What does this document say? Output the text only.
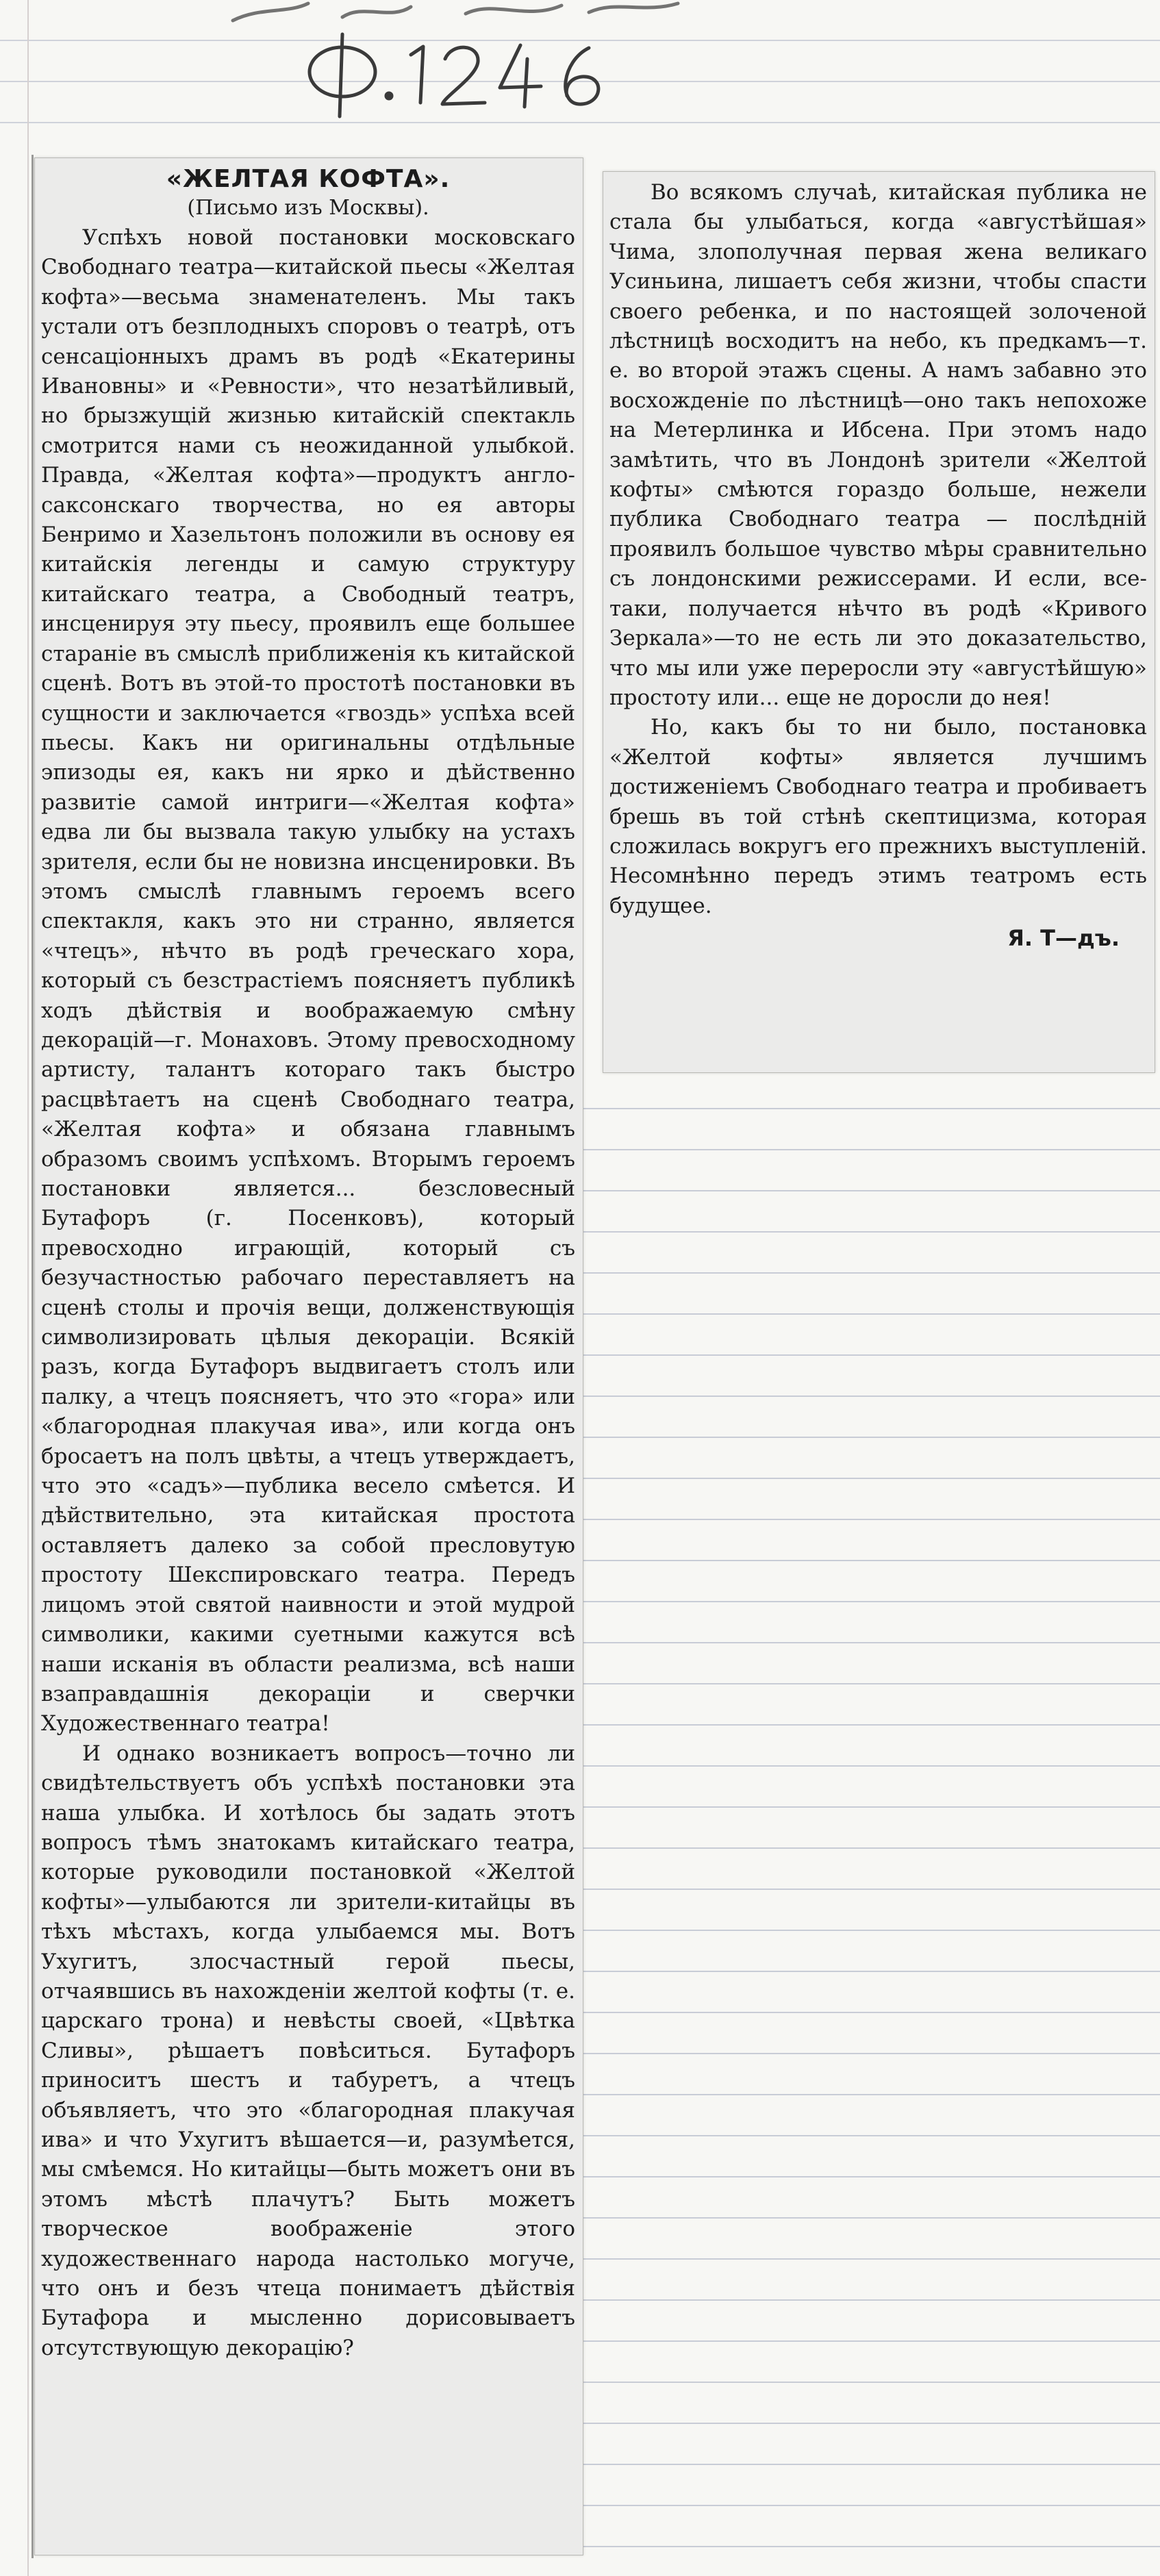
«ЖЕЛТАЯ КОФТА».

(Письмо изъ Москвы).

Успѣхъ новой постановки московскаго Свободнаго театра—китайской пьесы «Желтая кофта»—весьма знаменателенъ. Мы такъ устали отъ безплодныхъ споровъ о театрѣ, отъ сенсаціонныхъ драмъ въ родѣ «Екатерины Ивановны» и «Ревности», что незатѣйливый, но брызжущій жизнью китайскій спектакль смотрится нами съ неожиданной улыбкой. Правда, «Желтая кофта»—продуктъ англо-саксонскаго творчества, но ея авторы Бенримо и Хазельтонъ положили въ основу ея китайскія легенды и самую структуру китайскаго театра, а Свободный театръ, инсценируя эту пьесу, проявилъ еще большее стараніе въ смыслѣ приближенія къ китайской сценѣ. Вотъ въ этой-то простотѣ постановки въ сущности и заключается «гвоздь» успѣха всей пьесы. Какъ ни оригинальны отдѣльные эпизоды ея, какъ ни ярко и дѣйственно развитіе самой интриги—«Желтая кофта» едва ли бы вызвала такую улыбку на устахъ зрителя, если бы не новизна инсценировки. Въ этомъ смыслѣ главнымъ героемъ всего спектакля, какъ это ни странно, является «чтецъ», нѣчто въ родѣ греческаго хора, который съ безстрастіемъ поясняетъ публикѣ ходъ дѣйствія и воображаемую смѣну декорацій—г. Монаховъ. Этому превосходному артисту, талантъ котораго такъ быстро расцвѣтаетъ на сценѣ Свободнаго театра, «Желтая кофта» и обязана главнымъ образомъ своимъ успѣхомъ. Вторымъ героемъ постановки является... безсловесный Бутафоръ (г. Посенковъ), который превосходно играющій, который съ безучастностью рабочаго переставляетъ на сценѣ столы и прочія вещи, долженствующія символизировать цѣлыя декораціи. Всякій разъ, когда Бутафоръ выдвигаетъ столъ или палку, а чтецъ поясняетъ, что это «гора» или «благородная плакучая ива», или когда онъ бросаетъ на полъ цвѣты, а чтецъ утверждаетъ, что это «садъ»—публика весело смѣется. И дѣйствительно, эта китайская простота оставляетъ далеко за собой пресловутую простоту Шекспировскаго театра. Передъ лицомъ этой святой наивности и этой мудрой символики, какими суетными кажутся всѣ наши исканія въ области реализма, всѣ наши взаправдашнія декораціи и сверчки Художественнаго театра!

И однако возникаетъ вопросъ—точно ли свидѣтельствуетъ объ успѣхѣ постановки эта наша улыбка. И хотѣлось бы задать этотъ вопросъ тѣмъ знатокамъ китайскаго театра, которые руководили постановкой «Желтой кофты»—улыбаются ли зрители-китайцы въ тѣхъ мѣстахъ, когда улыбаемся мы. Вотъ Ухугитъ, злосчастный герой пьесы, отчаявшись въ нахожденіи желтой кофты (т. е. царскаго трона) и невѣсты своей, «Цвѣтка Сливы», рѣшаетъ повѣситься. Бутафоръ приноситъ шестъ и табуретъ, а чтецъ объявляетъ, что это «благородная плакучая ива» и что Ухугитъ вѣшается—и, разумѣется, мы смѣемся. Но китайцы—быть можетъ они въ этомъ мѣстѣ плачутъ? Быть можетъ творческое воображеніе этого художественнаго народа настолько могуче, что онъ и безъ чтеца понимаетъ дѣйствія Бутафора и мысленно дорисовываетъ отсутствующую декорацію?

Во всякомъ случаѣ, китайская публика не стала бы улыбаться, когда «августѣйшая» Чима, злополучная первая жена великаго Усиньина, лишаетъ себя жизни, чтобы спасти своего ребенка, и по настоящей золоченой лѣстницѣ восходитъ на небо, къ предкамъ—т. е. во второй этажъ сцены. А намъ забавно это восхожденіе по лѣстницѣ—оно такъ непохоже на Метерлинка и Ибсена. При этомъ надо замѣтить, что въ Лондонѣ зрители «Желтой кофты» смѣются гораздо больше, нежели публика Свободнаго театра — послѣдній проявилъ большое чувство мѣры сравнительно съ лондонскими режиссерами. И если, все-таки, получается нѣчто въ родѣ «Кривого Зеркала»—то не есть ли это доказательство, что мы или уже переросли эту «августѣйшую» простоту или... еще не доросли до нея!

Но, какъ бы то ни было, постановка «Желтой кофты» является лучшимъ достиженіемъ Свободнаго театра и пробиваетъ брешь въ той стѣнѣ скептицизма, которая сложилась вокругъ его прежнихъ выступленій. Несомнѣнно передъ этимъ театромъ есть будущее.

Я. Т—дъ.
